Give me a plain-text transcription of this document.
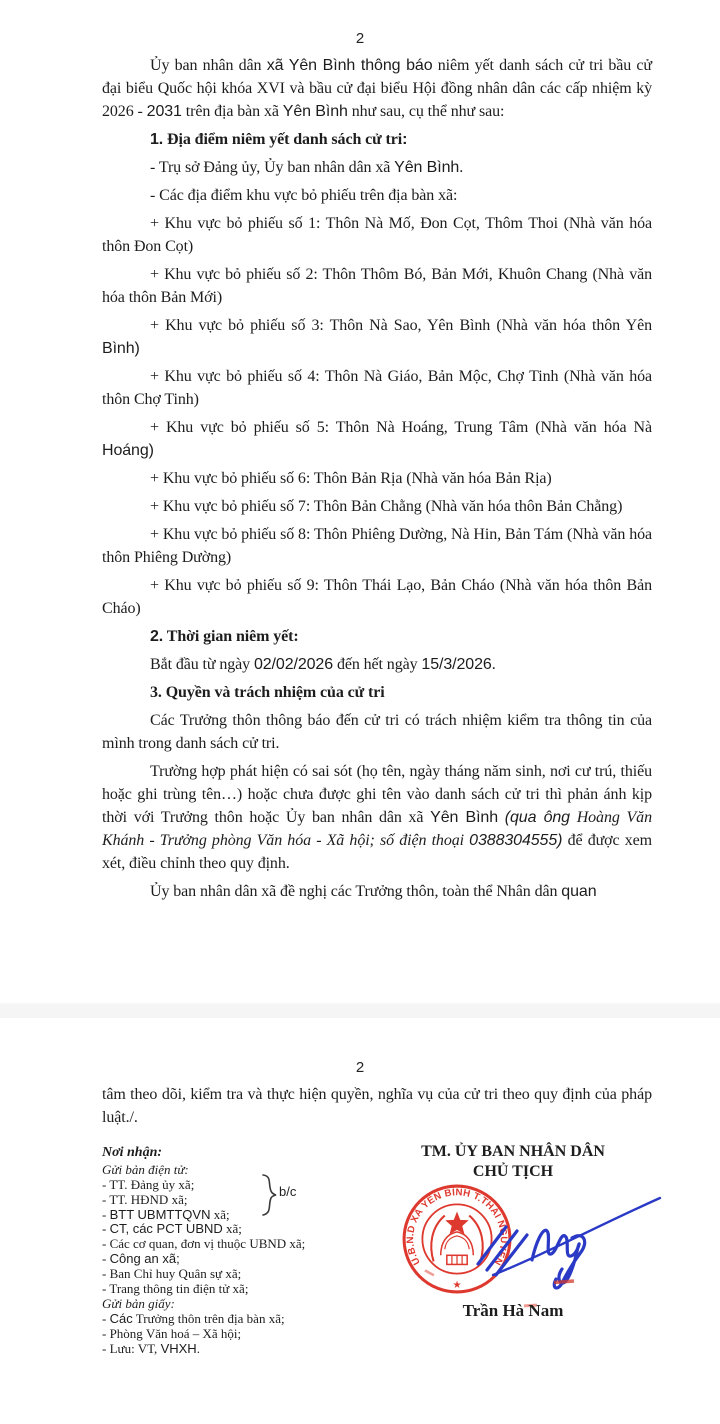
2

Ủy ban nhân dân xã Yên Bình thông báo niêm yết danh sách cử tri bầu cử đại biểu Quốc hội khóa XVI và bầu cử đại biểu Hội đồng nhân dân các cấp nhiệm kỳ 2026 - 2031 trên địa bàn xã Yên Bình như sau, cụ thể như sau:

1. Địa điểm niêm yết danh sách cử tri:

- Trụ sở Đảng ủy, Ủy ban nhân dân xã Yên Bình.

- Các địa điểm khu vực bỏ phiếu trên địa bàn xã:

+ Khu vực bỏ phiếu số 1: Thôn Nà Mố, Đon Cọt, Thôm Thoi (Nhà văn hóa thôn Đon Cọt)

+ Khu vực bỏ phiếu số 2: Thôn Thôm Bó, Bản Mới, Khuôn Chang (Nhà văn hóa thôn Bản Mới)

+ Khu vực bỏ phiếu số 3: Thôn Nà Sao, Yên Bình (Nhà văn hóa thôn Yên Bình)

+ Khu vực bỏ phiếu số 4: Thôn Nà Giáo, Bản Mộc, Chợ Tinh (Nhà văn hóa thôn Chợ Tinh)

+ Khu vực bỏ phiếu số 5: Thôn Nà Hoáng, Trung Tâm (Nhà văn hóa Nà Hoáng)

+ Khu vực bỏ phiếu số 6: Thôn Bản Rịa (Nhà văn hóa Bản Rịa)

+ Khu vực bỏ phiếu số 7: Thôn Bản Chằng (Nhà văn hóa thôn Bản Chằng)

+ Khu vực bỏ phiếu số 8: Thôn Phiêng Dường, Nà Hin, Bản Tám (Nhà văn hóa thôn Phiêng Dường)

+ Khu vực bỏ phiếu số 9: Thôn Thái Lạo, Bản Cháo (Nhà văn hóa thôn Bản Cháo)

2. Thời gian niêm yết:

Bắt đầu từ ngày 02/02/2026 đến hết ngày 15/3/2026.

3. Quyền và trách nhiệm của cử tri

Các Trưởng thôn thông báo đến cử tri có trách nhiệm kiểm tra thông tin của mình trong danh sách cử tri.

Trường hợp phát hiện có sai sót (họ tên, ngày tháng năm sinh, nơi cư trú, thiếu hoặc ghi trùng tên…) hoặc chưa được ghi tên vào danh sách cử tri thì phản ánh kịp thời với Trưởng thôn hoặc Ủy ban nhân dân xã Yên Bình (qua ông Hoàng Văn Khánh - Trưởng phòng Văn hóa - Xã hội; số điện thoại 0388304555) để được xem xét, điều chỉnh theo quy định.

Ủy ban nhân dân xã đề nghị các Trưởng thôn, toàn thể Nhân dân quan

2

tâm theo dõi, kiểm tra và thực hiện quyền, nghĩa vụ của cử tri theo quy định của pháp luật./.

Nơi nhận:

Gửi bản điện tử:

- TT. Đảng ủy xã;
- TT. HĐND xã;
- BTT UBMTTQVN xã;
- CT, các PCT UBND xã;
- Các cơ quan, đơn vị thuộc UBND xã;
- Công an xã;
- Ban Chỉ huy Quân sự xã;
- Trang thông tin điện tử xã;

Gửi bản giấy:

- Các Trưởng thôn trên địa bàn xã;
- Phòng Văn hoá – Xã hội;
- Lưu: VT, VHXH.
b/c

TM. ỦY BAN NHÂN DÂN

CHỦ TỊCH

U.B.N.D XÃ YÊN BÌNH T.THÁI NGUYÊN
★
Trần Hà Nam
